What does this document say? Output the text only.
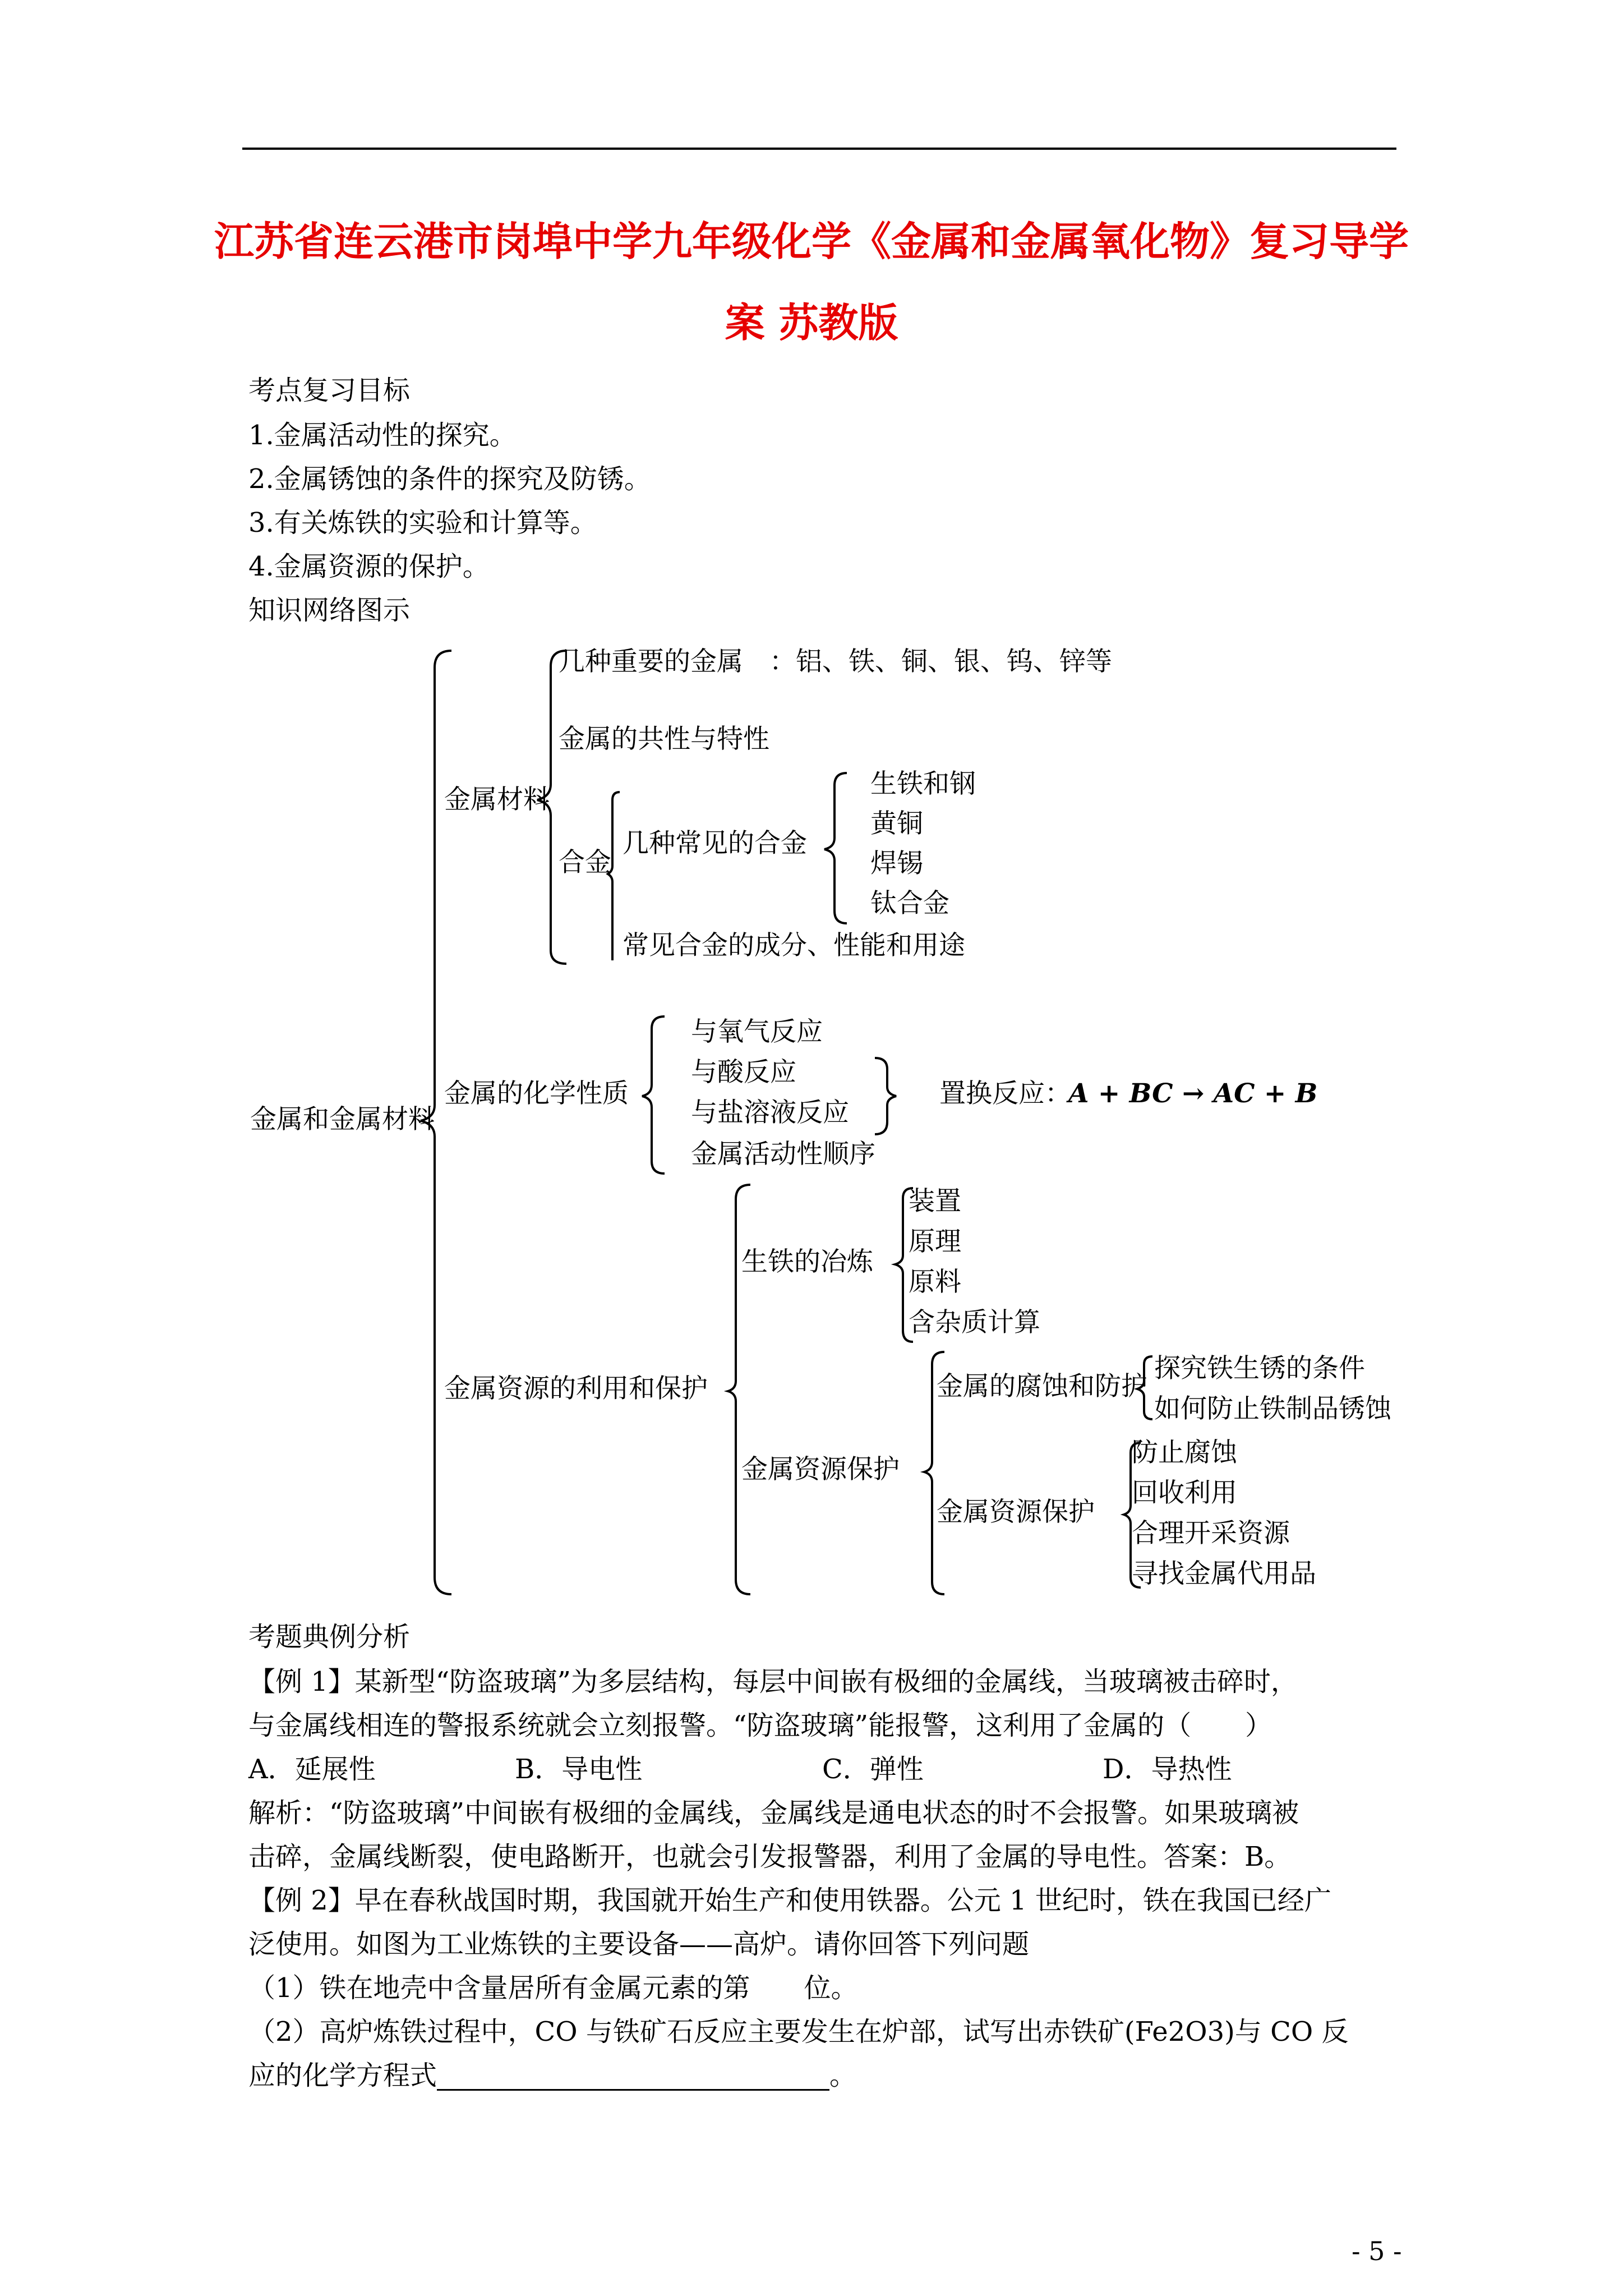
江苏省连云港市岗埠中学九年级化学《金属和金属氧化物》复习导学
案 苏教版
考点复习目标
1.金属活动性的探究。
2.金属锈蚀的条件的探究及防锈。
3.有关炼铁的实验和计算等。
4.金属资源的保护。
知识网络图示
金属和金属材料
金属材料
几种重要的金属 ：铝、铁、铜、银、钨、锌等
金属的共性与特性
合金
几种常见的合金
生铁和钢
黄铜
焊锡
钛合金
常见合金的成分、性能和用途
金属的化学性质
与氧气反应
与酸反应
与盐溶液反应
金属活动性顺序
置换反应：
A + BC → AC + B
金属资源的利用和保护
生铁的冶炼
装置
原理
原料
含杂质计算
金属资源保护
金属的腐蚀和防护
探究铁生锈的条件
如何防止铁制品锈蚀
金属资源保护
防止腐蚀
回收利用
合理开采资源
寻找金属代用品
考题典例分析
【例 1】某新型“防盗玻璃”为多层结构，每层中间嵌有极细的金属线，当玻璃被击碎时，
与金属线相连的警报系统就会立刻报警。“防盗玻璃”能报警，这利用了金属的（　　）
A．延展性	B．导电性	C．弹性	D．导热性
解析：“防盗玻璃”中间嵌有极细的金属线，金属线是通电状态的时不会报警。如果玻璃被
击碎，金属线断裂，使电路断开，也就会引发报警器，利用了金属的导电性。答案：B。
【例 2】早在春秋战国时期，我国就开始生产和使用铁器。公元 1 世纪时，铁在我国已经广
泛使用。如图为工业炼铁的主要设备——高炉。请你回答下列问题
（1）铁在地壳中含量居所有金属元素的第　　位。
（2）高炉炼铁过程中，CO 与铁矿石反应主要发生在炉部，试写出赤铁矿(Fe2O3)与 CO 反
应的化学方程式	。
- 5 -
